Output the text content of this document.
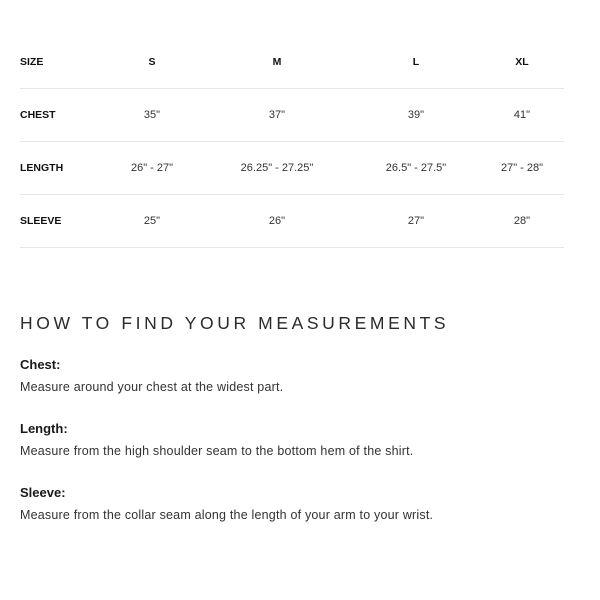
SIZE	S	M	L	XL
CHEST	35"	37"	39"	41"
LENGTH	26" - 27"	26.25" - 27.25"	26.5" - 27.5"	27" - 28"
SLEEVE	25"	26"	27"	28"
HOW TO FIND YOUR MEASUREMENTS

Chest:

Measure around your chest at the widest part.

Length:

Measure from the high shoulder seam to the bottom hem of the shirt.

Sleeve:

Measure from the collar seam along the length of your arm to your wrist.
